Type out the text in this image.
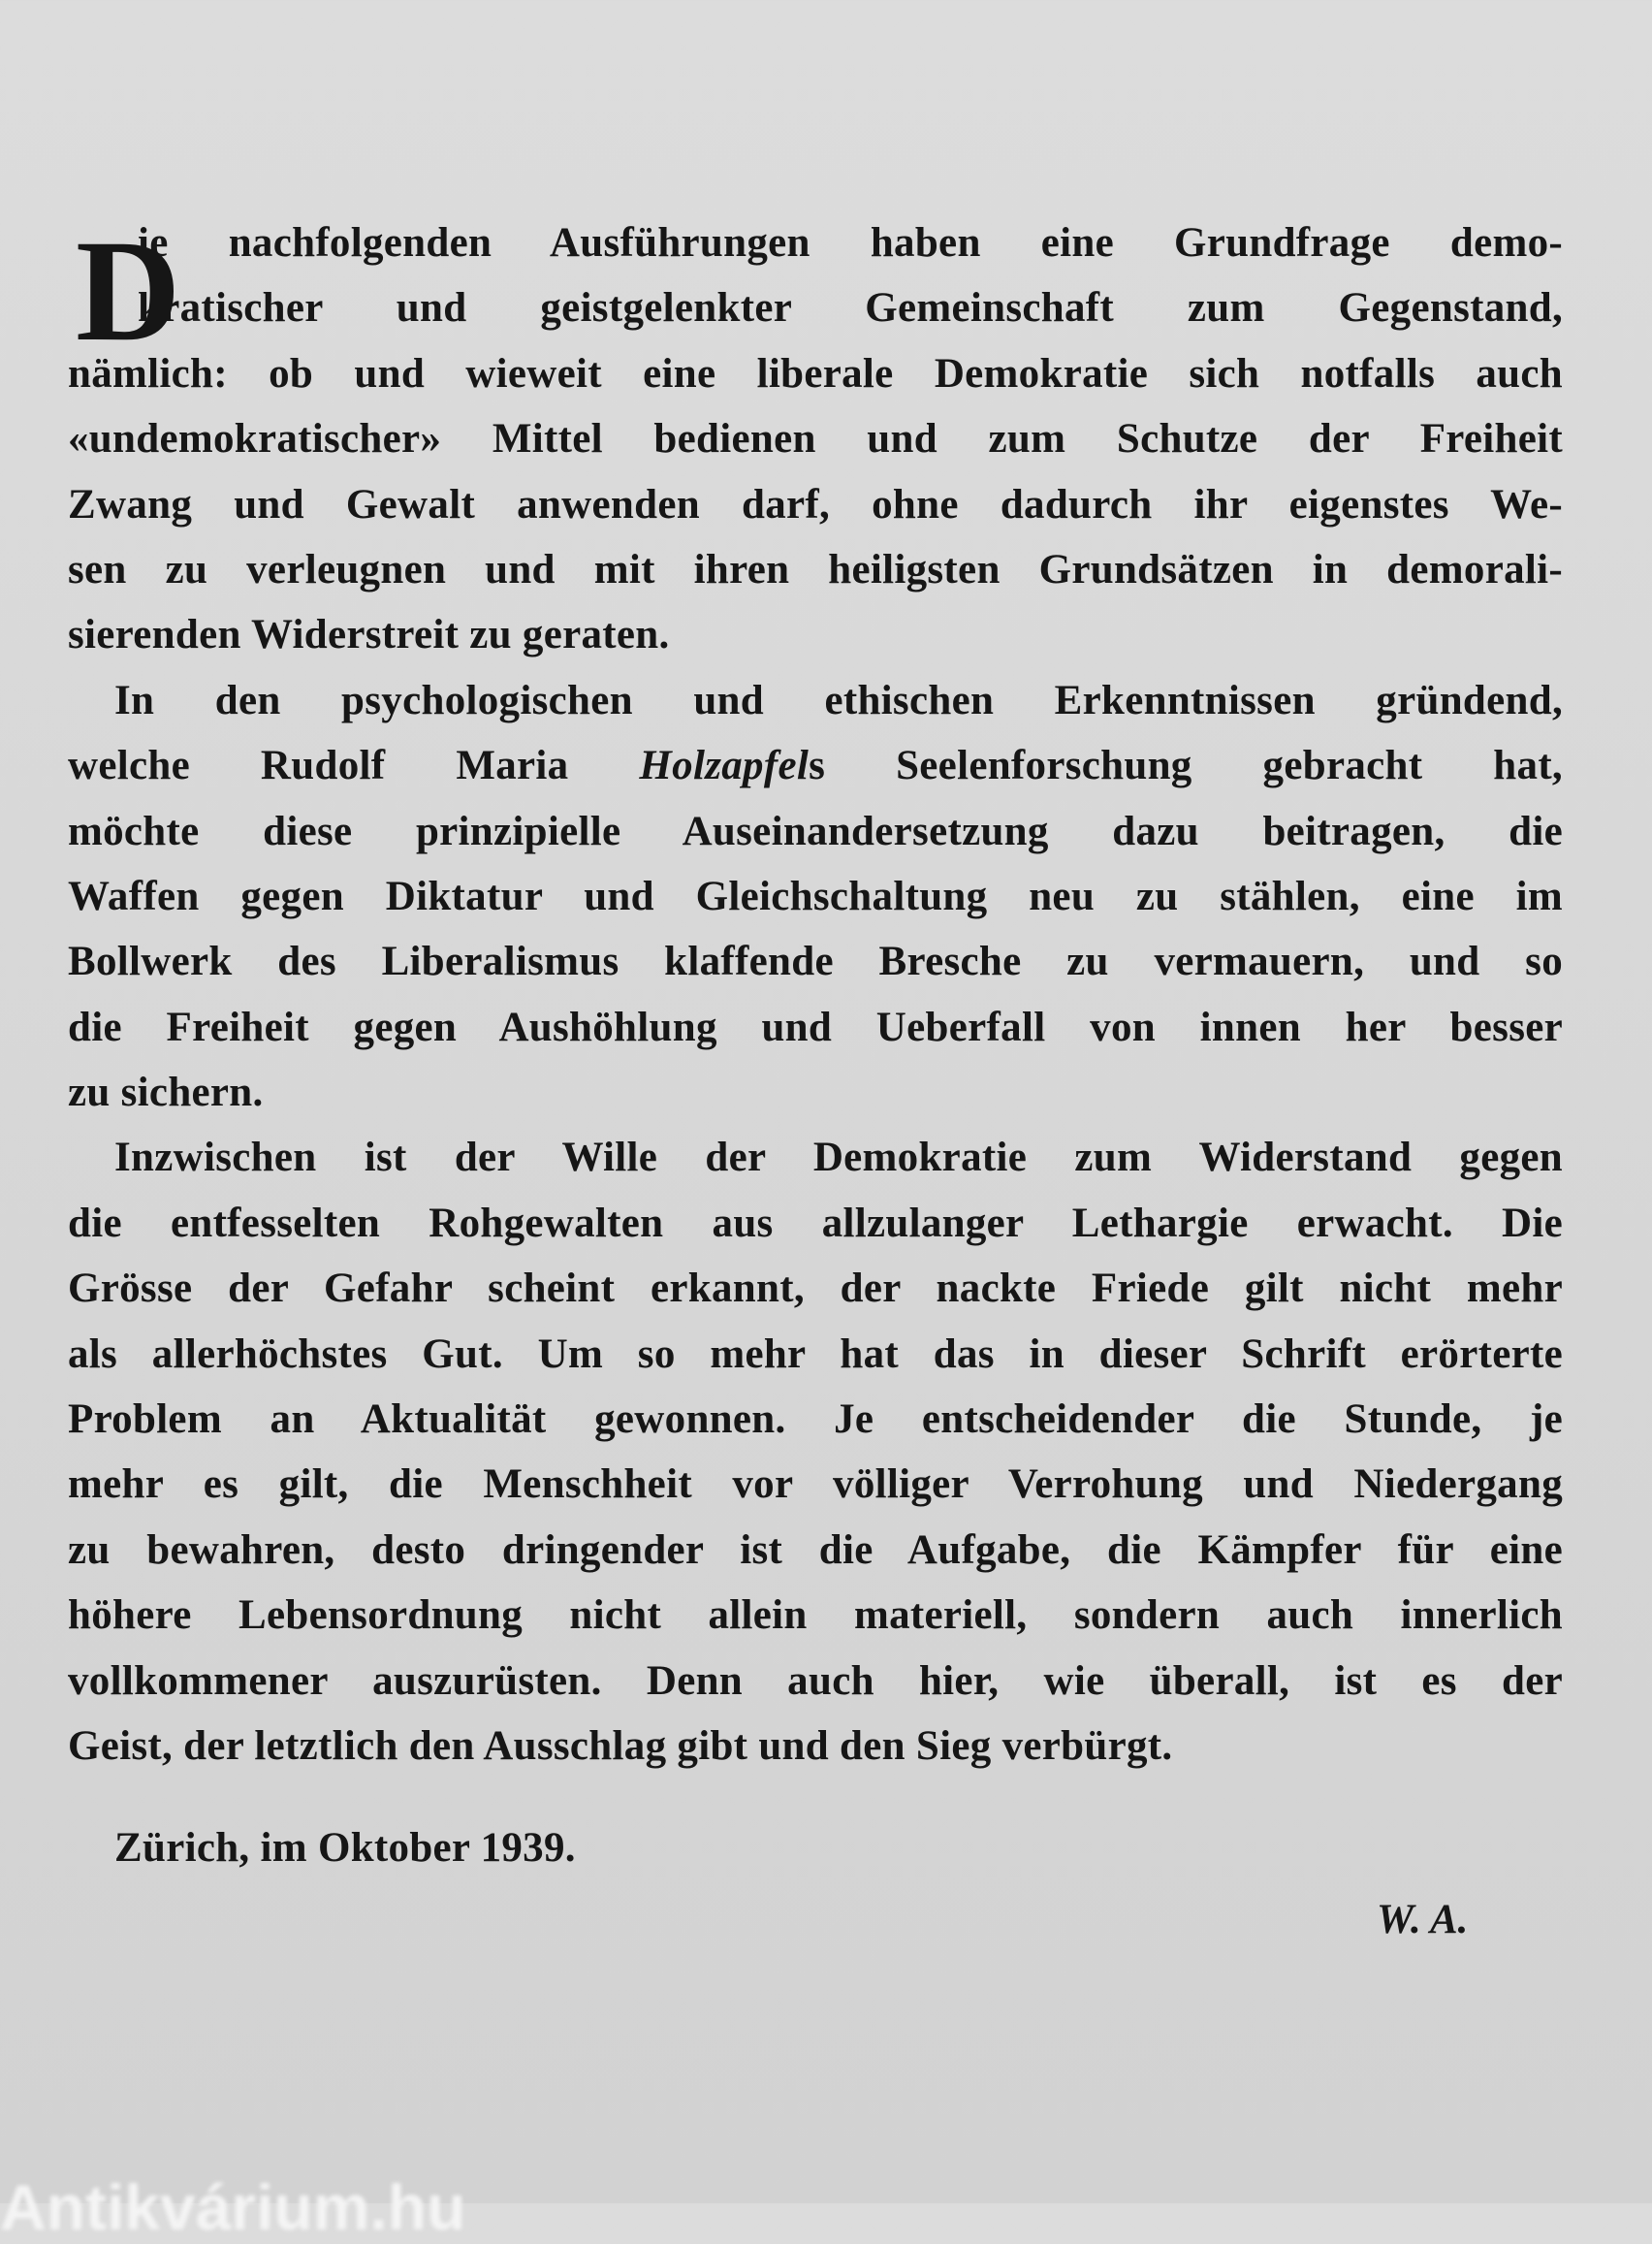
D
ie nachfolgenden Ausführungen haben eine Grundfrage demo-
kratischer und geistgelenkter Gemeinschaft zum Gegenstand,
nämlich: ob und wieweit eine liberale Demokratie sich notfalls auch
«undemokratischer» Mittel bedienen und zum Schutze der Freiheit
Zwang und Gewalt anwenden darf, ohne dadurch ihr eigenstes We-
sen zu verleugnen und mit ihren heiligsten Grundsätzen in demorali-
sierenden Widerstreit zu geraten.
In den psychologischen und ethischen Erkenntnissen gründend,
welche Rudolf Maria Holzapfels Seelenforschung gebracht hat,
möchte diese prinzipielle Auseinandersetzung dazu beitragen, die
Waffen gegen Diktatur und Gleichschaltung neu zu stählen, eine im
Bollwerk des Liberalismus klaffende Bresche zu vermauern, und so
die Freiheit gegen Aushöhlung und Ueberfall von innen her besser
zu sichern.
Inzwischen ist der Wille der Demokratie zum Widerstand gegen
die entfesselten Rohgewalten aus allzulanger Lethargie erwacht. Die
Grösse der Gefahr scheint erkannt, der nackte Friede gilt nicht mehr
als allerhöchstes Gut. Um so mehr hat das in dieser Schrift erörterte
Problem an Aktualität gewonnen. Je entscheidender die Stunde, je
mehr es gilt, die Menschheit vor völliger Verrohung und Niedergang
zu bewahren, desto dringender ist die Aufgabe, die Kämpfer für eine
höhere Lebensordnung nicht allein materiell, sondern auch innerlich
vollkommener auszurüsten. Denn auch hier, wie überall, ist es der
Geist, der letztlich den Ausschlag gibt und den Sieg verbürgt.
Zürich, im Oktober 1939.
W. A.
Antikvárium.hu
